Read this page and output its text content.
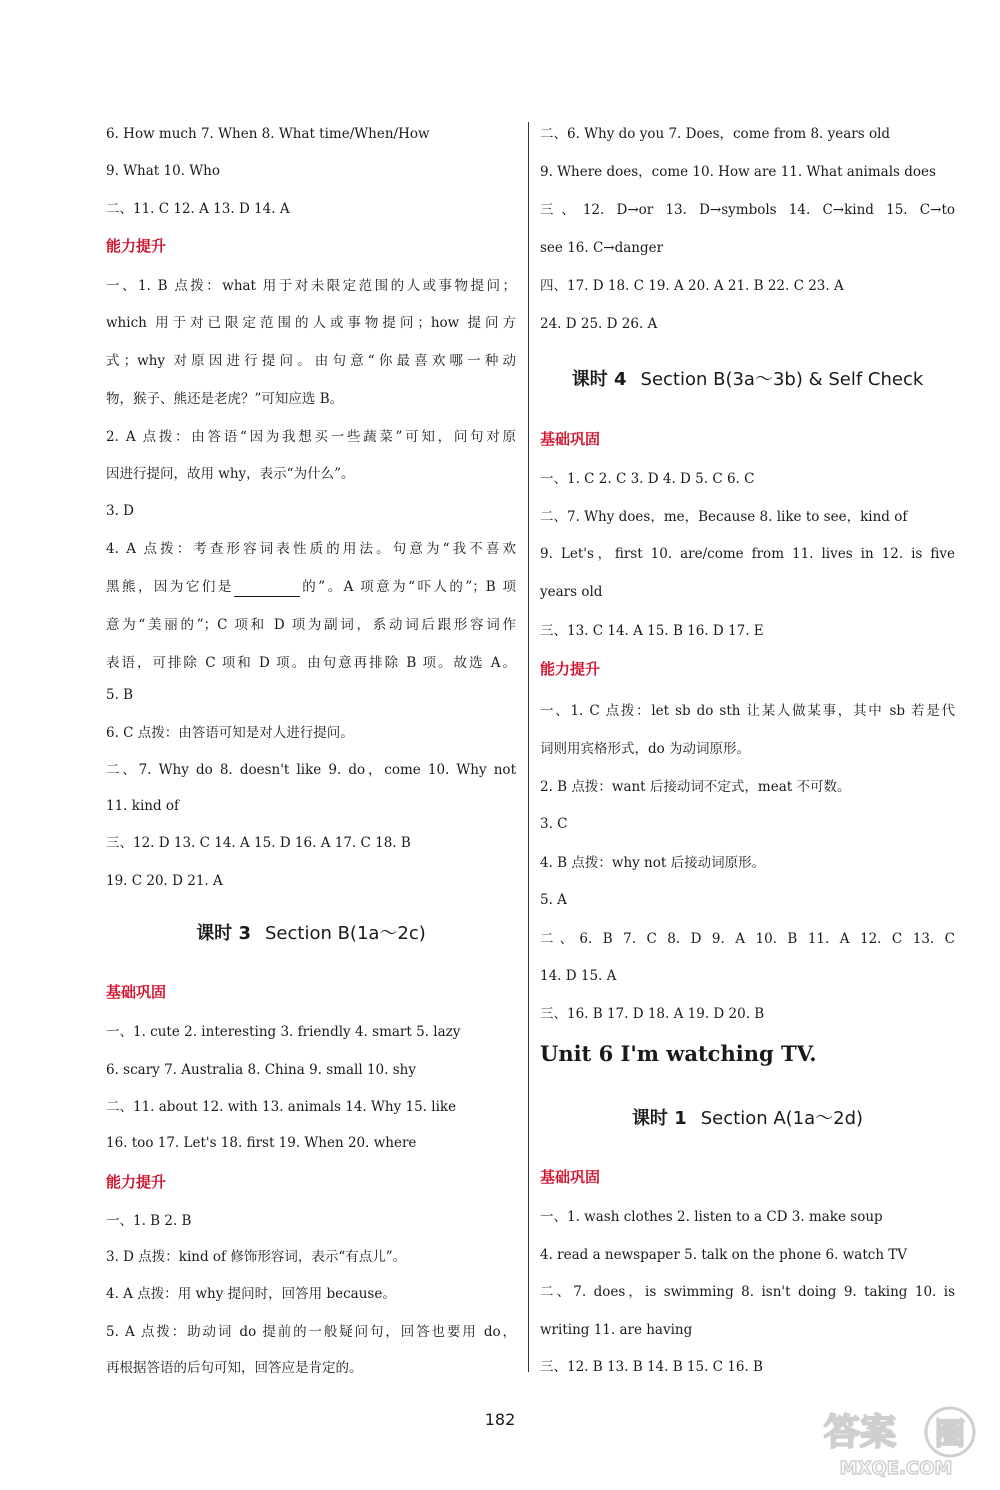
6. How much 7. When 8. What time/When/How
9. What 10. Who
二、11. C 12. A 13. D 14. A
能力提升
一、1. B 点拨：what 用于对未限定范围的人或事物提问；
which 用于对已限定范围的人或事物提问；how 提问方
式；why 对原因进行提问。由句意“你最喜欢哪一种动
物，猴子、熊还是老虎？”可知应选 B。
2. A 点拨：由答语“因为我想买一些蔬菜”可知，问句对原
因进行提问，故用 why，表示“为什么”。
3. D
4. A 点拨：考查形容词表性质的用法。句意为“我不喜欢
黑熊，因为它们是	的”。A 项意为“吓人的”；B 项
意为“美丽的”；C 项和 D 项为副词，系动词后跟形容词作
表语，可排除 C 项和 D 项。由句意再排除 B 项。故选 A。
5. B
6. C 点拨：由答语可知是对人进行提问。
二、7. Why do 8. doesn't like 9. do，come 10. Why not
11. kind of
三、12. D 13. C 14. A 15. D 16. A 17. C 18. B
19. C 20. D 21. A
课时 3 Section B(1a～2c)
基础巩固
一、1. cute 2. interesting 3. friendly 4. smart 5. lazy
6. scary 7. Australia 8. China 9. small 10. shy
二、11. about 12. with 13. animals 14. Why 15. like
16. too 17. Let's 18. first 19. When 20. where
能力提升
一、1. B 2. B
3. D 点拨：kind of 修饰形容词，表示“有点儿”。
4. A 点拨：用 why 提问时，回答用 because。
5. A 点拨：助动词 do 提前的一般疑问句，回答也要用 do，
再根据答语的后句可知，回答应是肯定的。
二、6. Why do you 7. Does，come from 8. years old
9. Where does，come 10. How are 11. What animals does
三、12. D→or 13. D→symbols 14. C→kind 15. C→to
see 16. C→danger
四、17. D 18. C 19. A 20. A 21. B 22. C 23. A
24. D 25. D 26. A
课时 4 Section B(3a～3b) & Self Check
基础巩固
一、1. C 2. C 3. D 4. D 5. C 6. C
二、7. Why does，me，Because 8. like to see，kind of
9. Let's，first 10. are/come from 11. lives in 12. is five
years old
三、13. C 14. A 15. B 16. D 17. E
能力提升
一、1. C 点拨：let sb do sth 让某人做某事，其中 sb 若是代
词则用宾格形式，do 为动词原形。
2. B 点拨：want 后接动词不定式，meat 不可数。
3. C
4. B 点拨：why not 后接动词原形。
5. A
二、6. B 7. C 8. D 9. A 10. B 11. A 12. C 13. C
14. D 15. A
三、16. B 17. D 18. A 19. D 20. B
Unit 6 I'm watching TV.
课时 1 Section A(1a～2d)
基础巩固
一、1. wash clothes 2. listen to a CD 3. make soup
4. read a newspaper 5. talk on the phone 6. watch TV
二、7. does，is swimming 8. isn't doing 9. taking 10. is
writing 11. are having
三、12. B 13. B 14. B 15. C 16. B
182	答案 圈
MXQE.COM
